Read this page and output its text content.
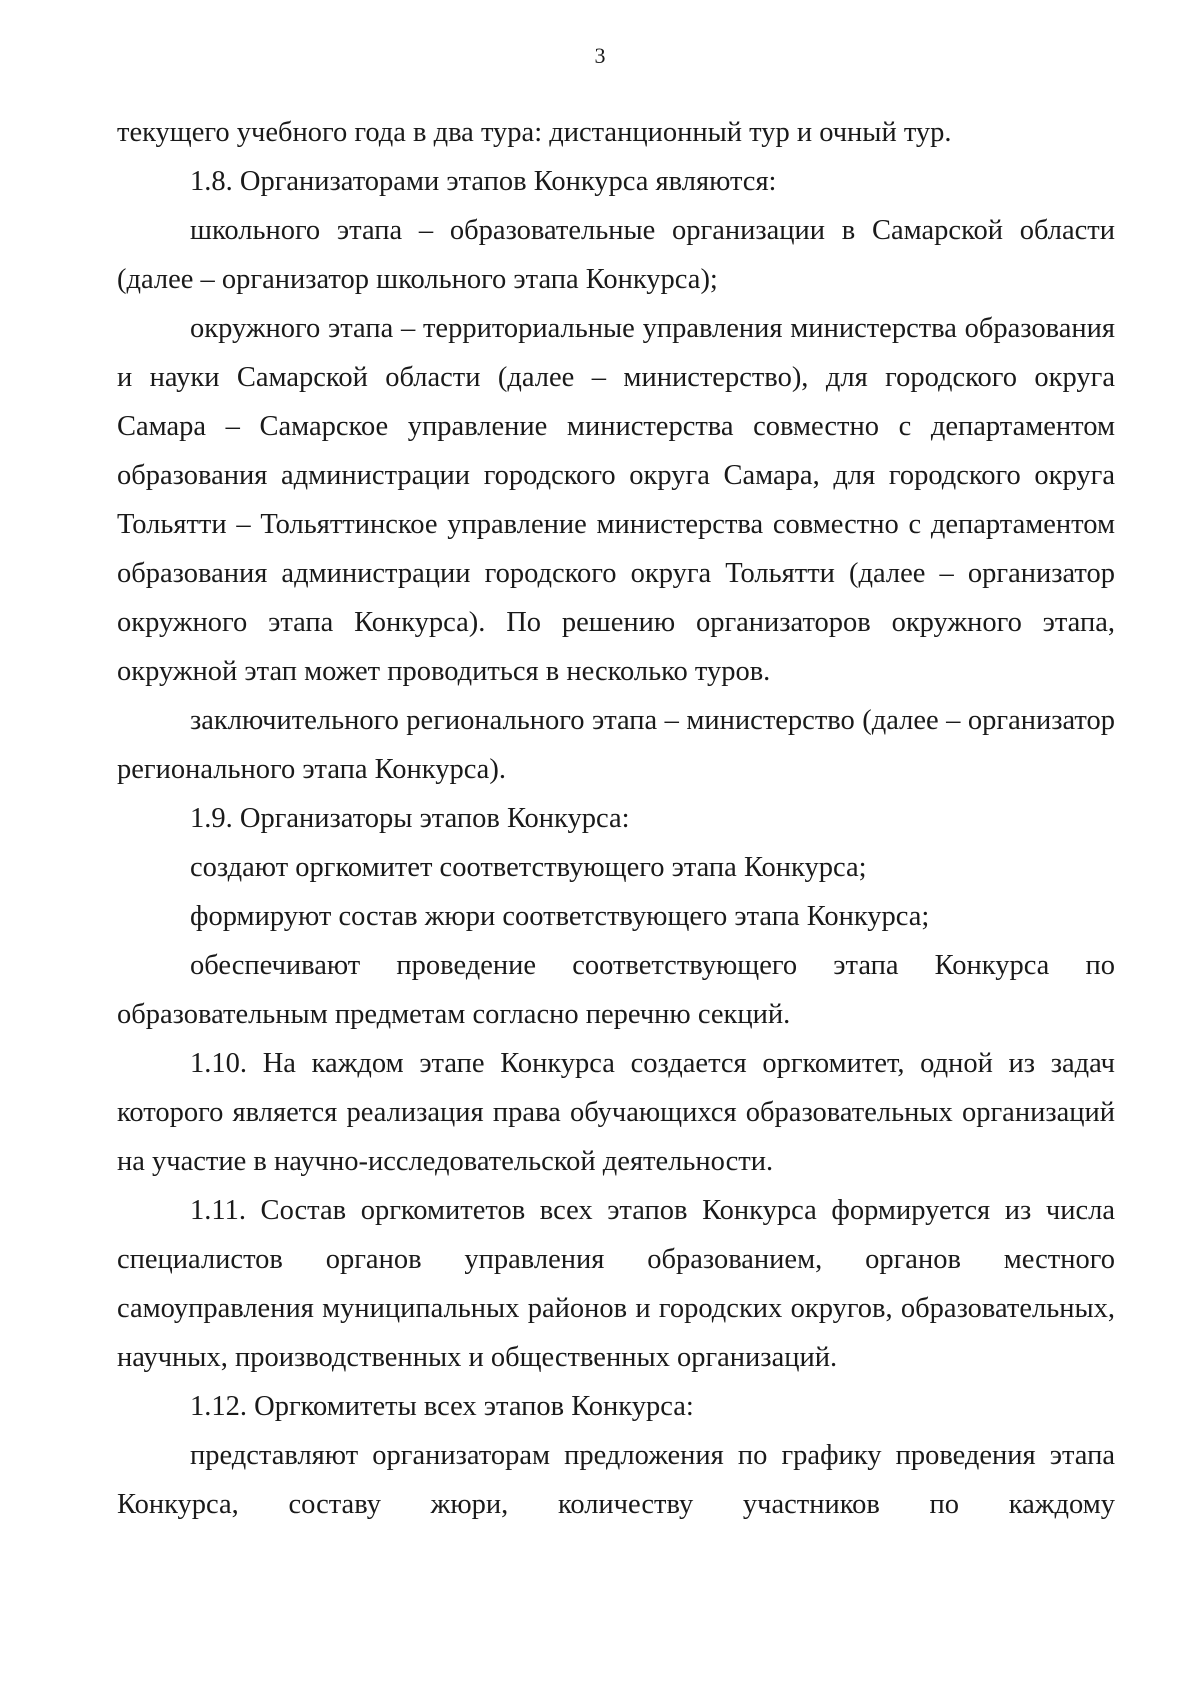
3

текущего учебного года в два тура: дистанционный тур и очный тур.

1.8. Организаторами этапов Конкурса являются:

школьного этапа – образовательные организации в Самарской области (далее – организатор школьного этапа Конкурса);

окружного этапа – территориальные управления министерства образования и науки Самарской области (далее – министерство), для городского округа Самара – Самарское управление министерства совместно с департаментом образования администрации городского округа Самара, для городского округа Тольятти – Тольяттинское управление министерства совместно с департаментом образования администрации городского округа Тольятти (далее – организатор окружного этапа Конкурса). По решению организаторов окружного этапа, окружной этап может проводиться в несколько туров.

заключительного регионального этапа – министерство (далее – организатор регионального этапа Конкурса).

1.9. Организаторы этапов Конкурса:

создают оргкомитет соответствующего этапа Конкурса;

формируют состав жюри соответствующего этапа Конкурса;

обеспечивают проведение соответствующего этапа Конкурса по образовательным предметам согласно перечню секций.

1.10. На каждом этапе Конкурса создается оргкомитет, одной из задач которого является реализация права обучающихся образовательных организаций на участие в научно-исследовательской деятельности.

1.11. Состав оргкомитетов всех этапов Конкурса формируется из числа специалистов органов управления образованием, органов местного самоуправления муниципальных районов и городских округов, образовательных, научных, производственных и общественных организаций.

1.12. Оргкомитеты всех этапов Конкурса:

представляют организаторам предложения по графику проведения этапа Конкурса, составу жюри, количеству участников по каждому
